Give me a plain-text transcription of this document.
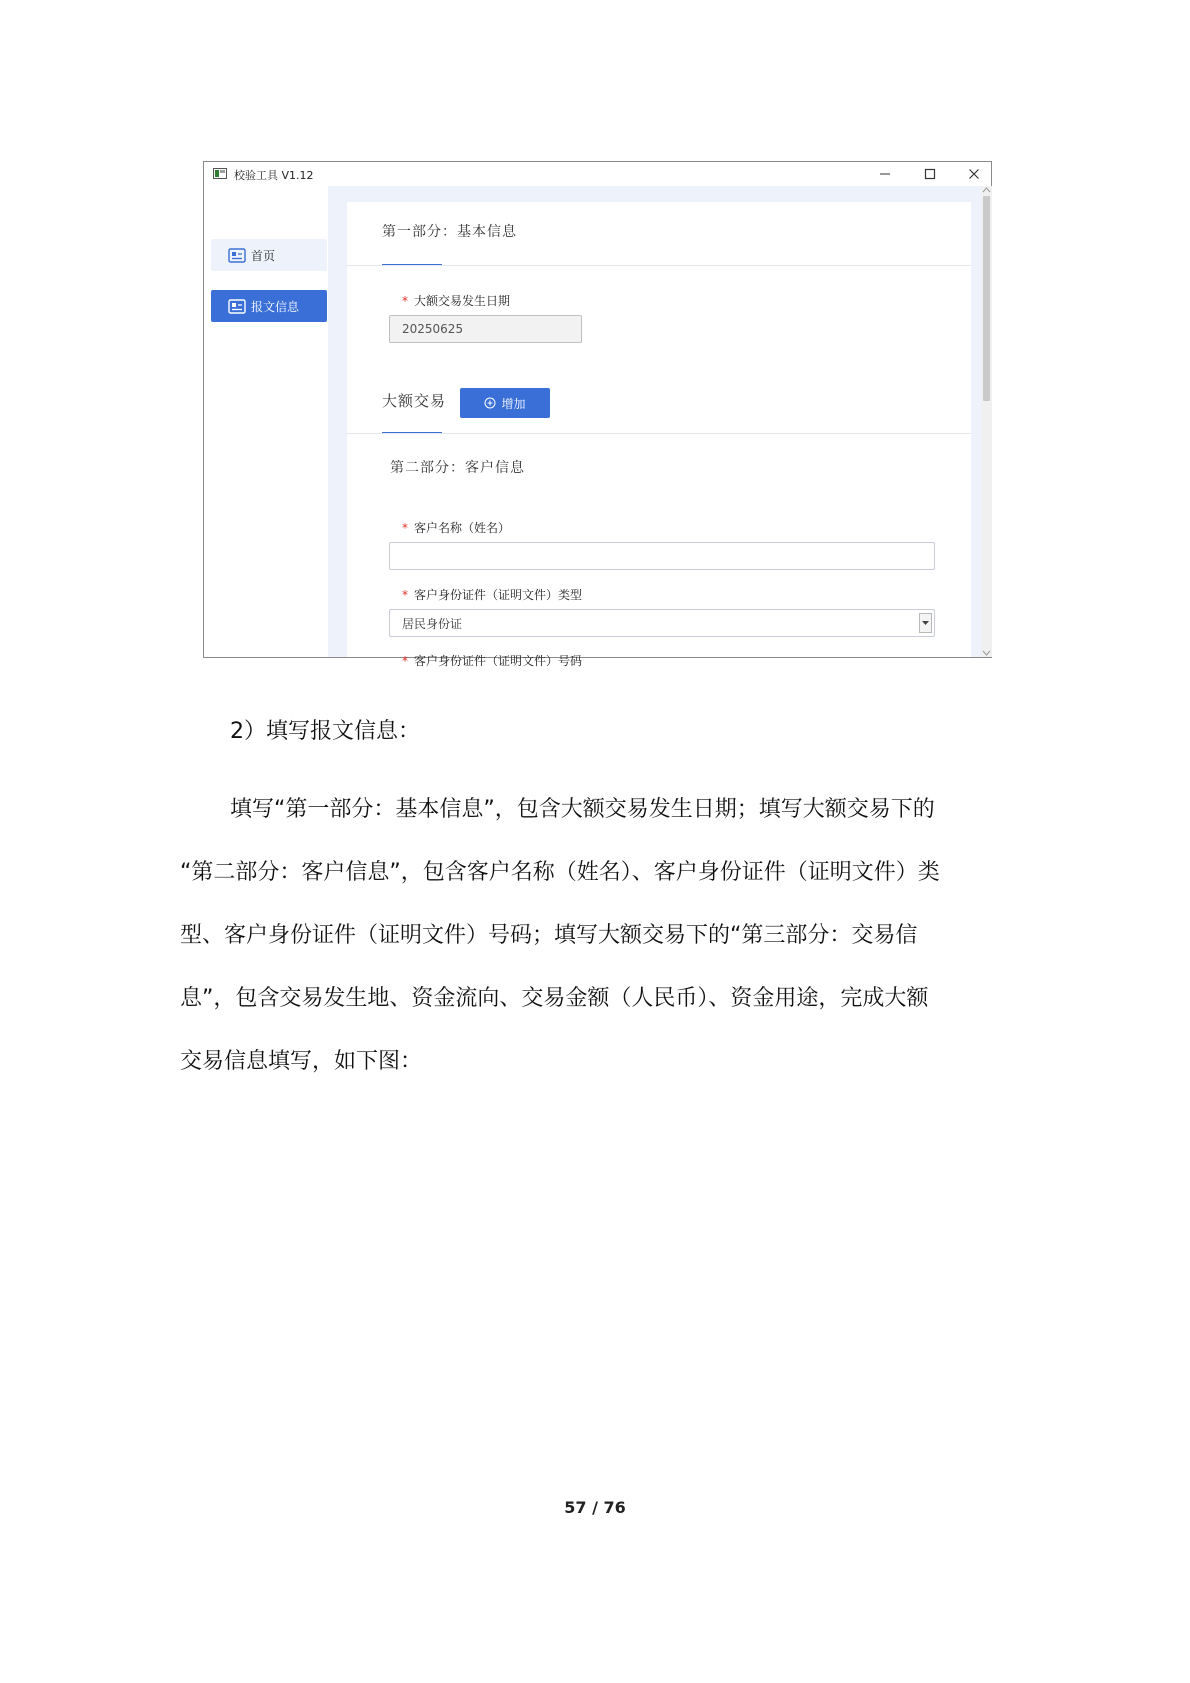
校验工具 V1.12
首页
报文信息
第一部分：基本信息
* 大额交易发生日期
20250625
大额交易	增加
第二部分：客户信息
* 客户名称（姓名）
* 客户身份证件（证明文件）类型
居民身份证
* 客户身份证件（证明文件）号码
2）填写报文信息：
填写“第一部分：基本信息”，包含大额交易发生日期；填写大额交易下的
“第二部分：客户信息”，包含客户名称（姓名）、客户身份证件（证明文件）类
型、客户身份证件（证明文件）号码；填写大额交易下的“第三部分：交易信
息”，包含交易发生地、资金流向、交易金额（人民币）、资金用途，完成大额
交易信息填写，如下图：
57 / 76
